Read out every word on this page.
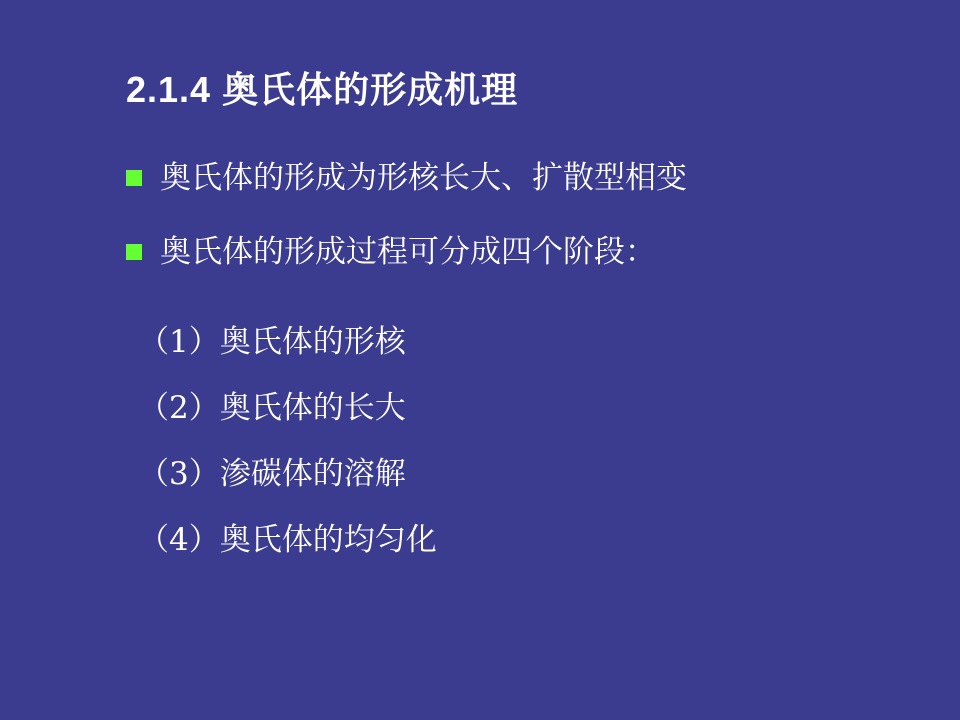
2.1.4 奥氏体的形成机理
奥氏体的形成为形核长大、扩散型相变
奥氏体的形成过程可分成四个阶段：
（1）奥氏体的形核
（2）奥氏体的长大
（3）渗碳体的溶解
（4）奥氏体的均匀化
